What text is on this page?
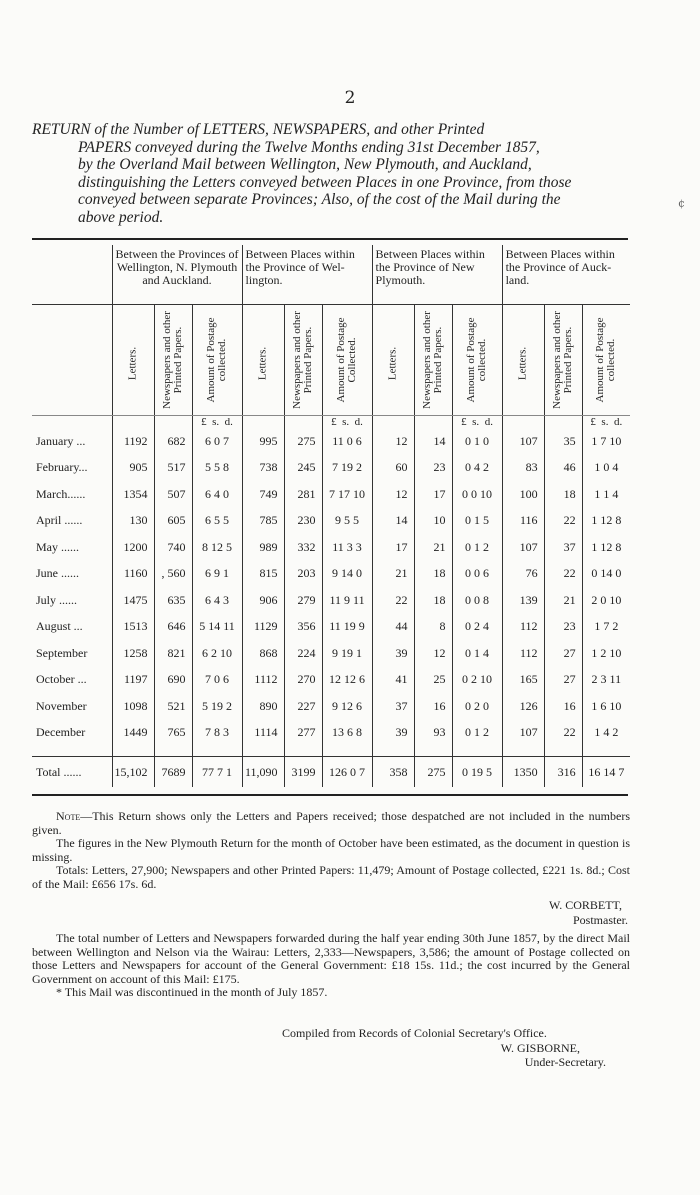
2
RETURN of the Number of LETTERS, NEWSPAPERS, and other Printed
PAPERS conveyed during the Twelve Months ending 31st December 1857,
by the Overland Mail between Wellington, New Plymouth, and Auckland,
distinguishing the Letters conveyed between Places in one Province, from those
conveyed between separate Provinces; Also, of the cost of the Mail during the
above period.
¢
	Between the Provinces of Wellington, N. Plymouth and Auckland.			Between Places within the Province of Wel- lington.			Between Places within the Province of New Plymouth.			Between Places within the Province of Auck- land.		

	Letters.	Newspapers and other
Printed Papers.	Amount of Postage
collected.	Letters.	Newspapers and other
Printed Papers.	Amount of Postage
Collected.	Letters.	Newspapers and other
Printed Papers.	Amount of Postage
collected.	Letters.	Newspapers and other
Printed Papers.	Amount of Postage
collected.

			£ s. d.			£ s. d.			£ s. d.			£ s. d.
January ...	1192	682	6 0 7	995	275	11 0 6	12	14	0 1 0	107	35	1 7 10
February...	905	517	5 5 8	738	245	7 19 2	60	23	0 4 2	83	46	1 0 4
March......	1354	507	6 4 0	749	281	7 17 10	12	17	0 0 10	100	18	1 1 4
April ......	130	605	6 5 5	785	230	9 5 5	14	10	0 1 5	116	22	1 12 8
May ......	1200	740	8 12 5	989	332	11 3 3	17	21	0 1 2	107	37	1 12 8
June ......	1160	, 560	6 9 1	815	203	9 14 0	21	18	0 0 6	76	22	0 14 0
July ......	1475	635	6 4 3	906	279	11 9 11	22	18	0 0 8	139	21	2 0 10
August ...	1513	646	5 14 11	1129	356	11 19 9	44	8	0 2 4	112	23	1 7 2
September	1258	821	6 2 10	868	224	9 19 1	39	12	0 1 4	112	27	1 2 10
October ...	1197	690	7 0 6	1112	270	12 12 6	41	25	0 2 10	165	27	2 3 11
November	1098	521	5 19 2	890	227	9 12 6	37	16	0 2 0	126	16	1 6 10
December	1449	765	7 8 3	1114	277	13 6 8	39	93	0 1 2	107	22	1 4 2

Total ......	15,102	7689	77 7 1	11,090	3199	126 0 7	358	275	0 19 5	1350	316	16 14 7

Note—This Return shows only the Letters and Papers received; those despatched are not included in the numbers given.

The figures in the New Plymouth Return for the month of October have been estimated, as the document in question is missing.

Totals: Letters, 27,900; Newspapers and other Printed Papers: 11,479; Amount of Postage collected, £221 1s. 8d.; Cost of the Mail: £656 17s. 6d.

W. CORBETT,
Postmaster.

The total number of Letters and Newspapers forwarded during the half year ending 30th June 1857, by the direct Mail between Wellington and Nelson via the Wairau: Letters, 2,333—Newspapers, 3,586; the amount of Postage collected on those Letters and Newspapers for account of the General Government: £18 15s. 11d.; the cost incurred by the General Government on account of this Mail: £175.

* This Mail was discontinued in the month of July 1857.

Compiled from Records of Colonial Secretary's Office.
W. GISBORNE,
Under-Secretary.
